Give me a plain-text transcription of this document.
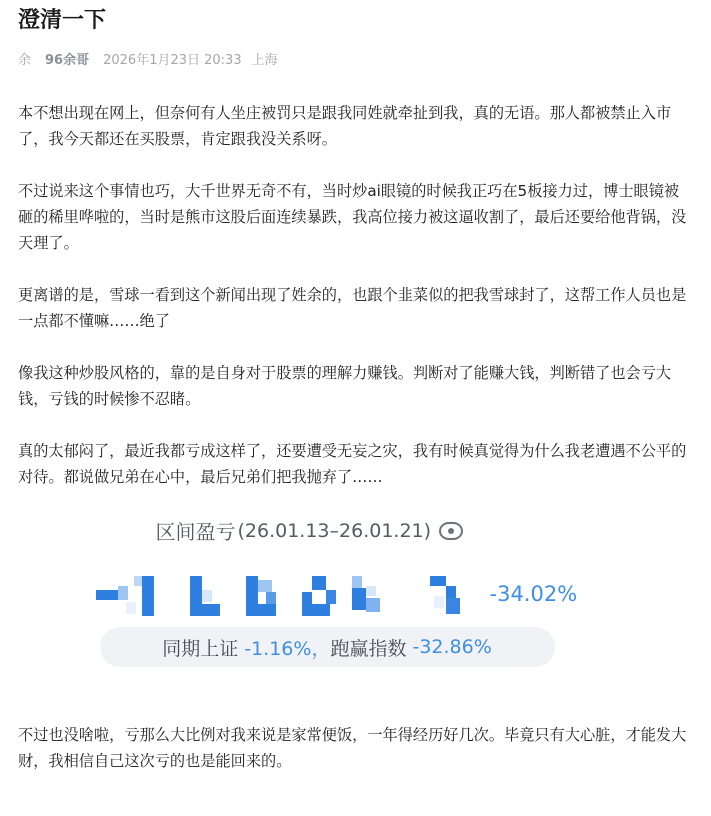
澄清一下
余 96余哥 2026年1月23日 20:33 上海

本不想出现在网上，但奈何有人坐庄被罚只是跟我同姓就牵扯到我，真的无语。那人都被禁止入市了，我今天都还在买股票，肯定跟我没关系呀。

不过说来这个事情也巧，大千世界无奇不有，当时炒ai眼镜的时候我正巧在5板接力过，博士眼镜被砸的稀里哗啦的，当时是熊市这股后面连续暴跌，我高位接力被这逼收割了，最后还要给他背锅，没天理了。

更离谱的是，雪球一看到这个新闻出现了姓余的，也跟个韭菜似的把我雪球封了，这帮工作人员也是一点都不懂嘛……绝了

像我这种炒股风格的，靠的是自身对于股票的理解力赚钱。判断对了能赚大钱，判断错了也会亏大钱，亏钱的时候惨不忍睹。

真的太郁闷了，最近我都亏成这样了，还要遭受无妄之灾，我有时候真觉得为什么我老遭遇不公平的对待。都说做兄弟在心中，最后兄弟们把我抛弃了……

区间盈亏 (26.01.13–26.01.21)
-34.02%
同期上证 -1.16%， 跑赢指数 -32.86%

不过也没啥啦，亏那么大比例对我来说是家常便饭，一年得经历好几次。毕竟只有大心脏，才能发大财，我相信自己这次亏的也是能回来的。
